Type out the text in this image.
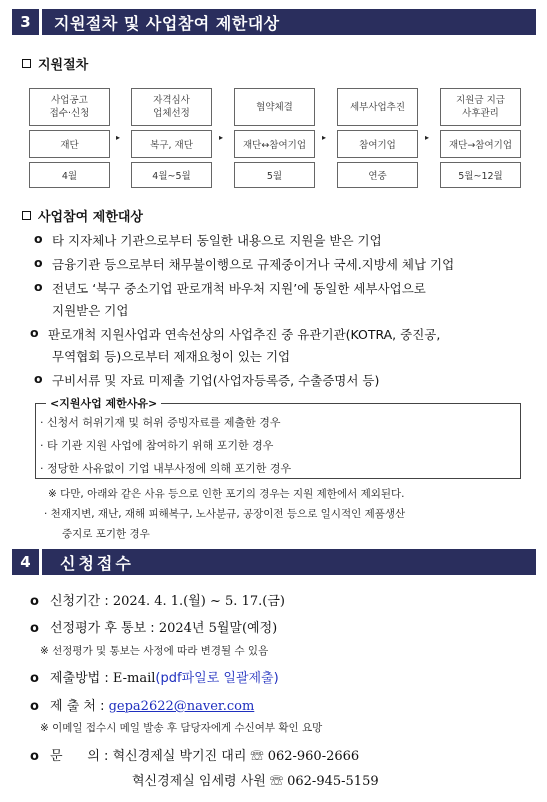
3	지원절차 및 사업참여 제한대상
지원절차
사업공고
접수·신청
재단
4월
▸
자격심사
업체선정
복구, 재단
4월~5월
▸
협약체결
재단↔참여기업
5월
▸
세부사업추진
참여기업
연중
▸
지원금 지급
사후관리
재단→참여기업
5월~12월
사업참여 제한대상
o 타 지자체나 기관으로부터 동일한 내용으로 지원을 받은 기업
o 금융기관 등으로부터 채무불이행으로 규제중이거나 국세.지방세 체납 기업
o 전년도 ‘북구 중소기업 판로개척 바우처 지원’에 동일한 세부사업으로
지원받은 기업
o 판로개척 지원사업과 연속선상의 사업추진 중 유관기관(KOTRA, 중진공,
무역협회 등)으로부터 제재요청이 있는 기업
o 구비서류 및 자료 미제출 기업(사업자등록증, 수출증명서 등)
<지원사업 제한사유>
· 신청서 허위기재 및 허위 증빙자료를 제출한 경우
· 타 기관 지원 사업에 참여하기 위해 포기한 경우
· 정당한 사유없이 기업 내부사정에 의해 포기한 경우
※ 다만, 아래와 같은 사유 등으로 인한 포기의 경우는 지원 제한에서 제외된다.
· 천재지변, 재난, 재해 피해복구, 노사분규, 공장이전 등으로 일시적인 제품생산
중지로 포기한 경우
4	신청접수
o 신청기간 :
2024. 4. 1.(월) ~ 5. 17.(금)
o 선정평가 후 통보 :
2024년 5월말(예정)
※ 선정평가 및 통보는 사정에 따라 변경될 수 있음
o 제출방법 :
E-mail (pdf파일로 일괄제출)
o 제 출 처 :
gepa2622@naver.com
※ 이메일 접수시 메일 발송 후 담당자에게 수신여부 확인 요망
o 문      의 :
혁신경제실 박기진 대리 ☏ 062-960-2666
혁신경제실 임세령 사원 ☏ 062-945-5159
